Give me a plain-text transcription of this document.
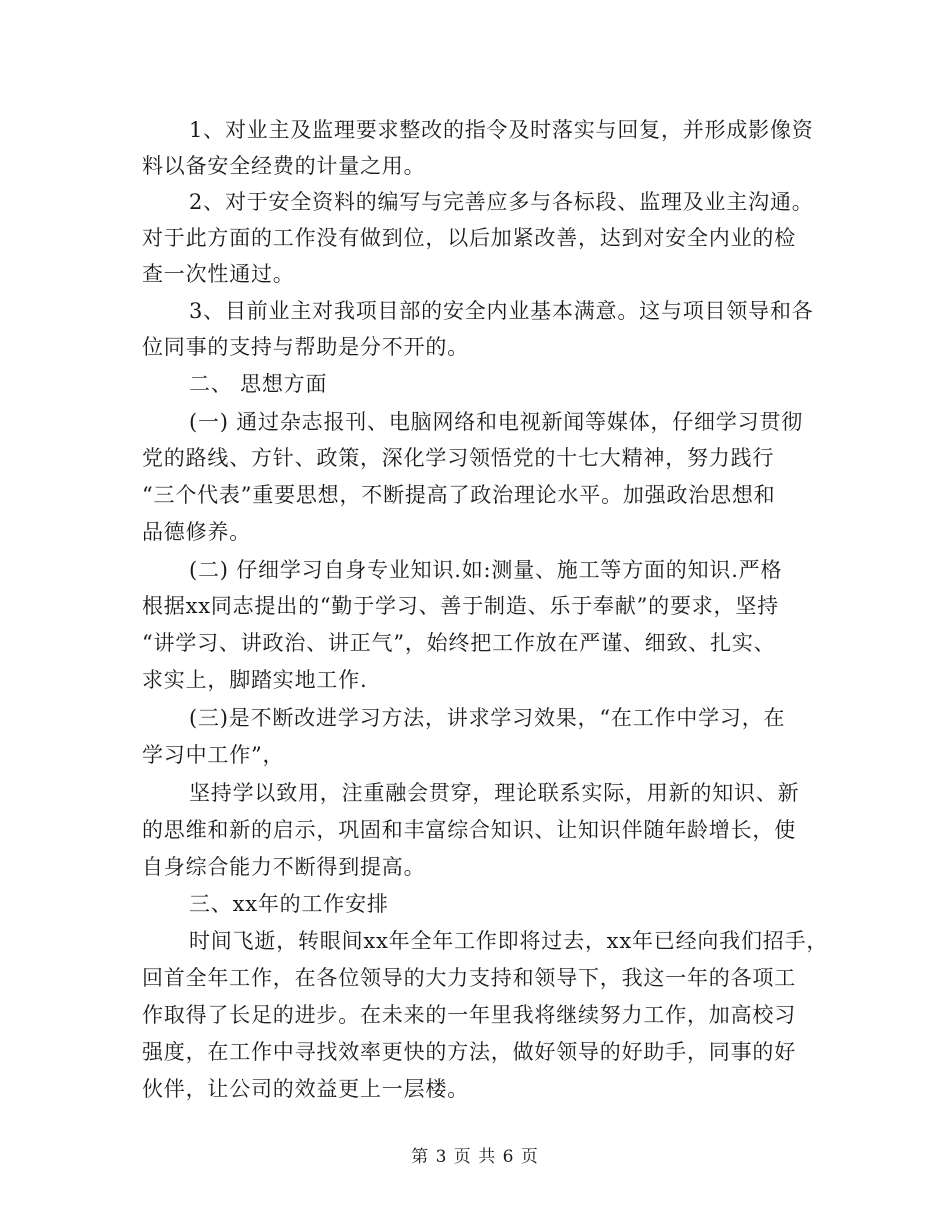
1、对业主及监理要求整改的指令及时落实与回复，并形成影像资
料以备安全经费的计量之用。
2、对于安全资料的编写与完善应多与各标段、监理及业主沟通。
对于此方面的工作没有做到位，以后加紧改善，达到对安全内业的检
查一次性通过。
3、目前业主对我项目部的安全内业基本满意。这与项目领导和各
位同事的支持与帮助是分不开的。
二、 思想方面
(一) 通过杂志报刊、电脑网络和电视新闻等媒体，仔细学习贯彻
党的路线、方针、政策，深化学习领悟党的十七大精神，努力践行
“三个代表”重要思想，不断提高了政治理论水平。加强政治思想和
品德修养。
(二) 仔细学习自身专业知识.如:测量、施工等方面的知识.严格
根据xx同志提出的“勤于学习、善于制造、乐于奉献”的要求，坚持
“讲学习、讲政治、讲正气”，始终把工作放在严谨、细致、扎实、
求实上，脚踏实地工作.
(三)是不断改进学习方法，讲求学习效果，“在工作中学习，在
学习中工作”，
坚持学以致用，注重融会贯穿，理论联系实际，用新的知识、新
的思维和新的启示，巩固和丰富综合知识、让知识伴随年龄增长，使
自身综合能力不断得到提高。
三、xx年的工作安排
时间飞逝，转眼间xx年全年工作即将过去，xx年已经向我们招手，
回首全年工作，在各位领导的大力支持和领导下，我这一年的各项工
作取得了长足的进步。在未来的一年里我将继续努力工作，加高校习
强度，在工作中寻找效率更快的方法，做好领导的好助手，同事的好
伙伴，让公司的效益更上一层楼。
第 3 页 共 6 页
